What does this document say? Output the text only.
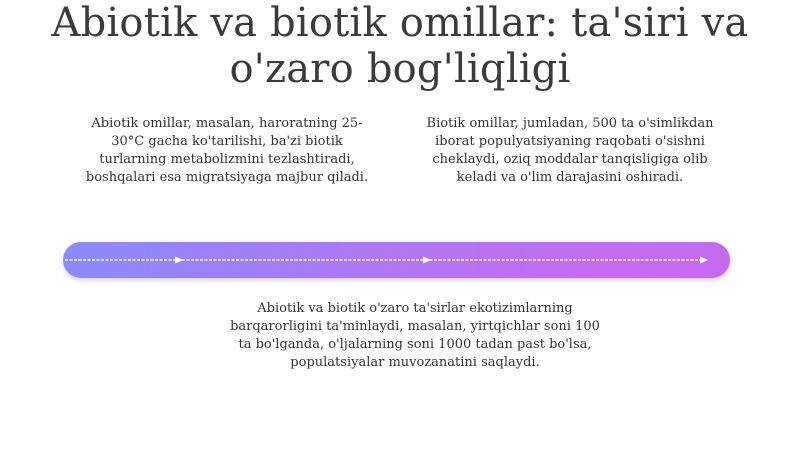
Abiotik va biotik omillar: ta'siri va o'zaro bog'liqligi
Abiotik omillar, masalan, haroratning 25-30°C gacha ko'tarilishi, ba'zi biotik turlarning metabolizmini tezlashtiradi, boshqalari esa migratsiyaga majbur qiladi.
Biotik omillar, jumladan, 500 ta o'simlikdan iborat populyatsiyaning raqobati o'sishni cheklaydi, oziq moddalar tanqisligiga olib keladi va o'lim darajasini oshiradi.
Abiotik va biotik o'zaro ta'sirlar ekotizimlarning barqarorligini ta'minlaydi, masalan, yirtqichlar soni 100 ta bo'lganda, o'ljalarning soni 1000 tadan past bo'lsa, populatsiyalar muvozanatini saqlaydi.
